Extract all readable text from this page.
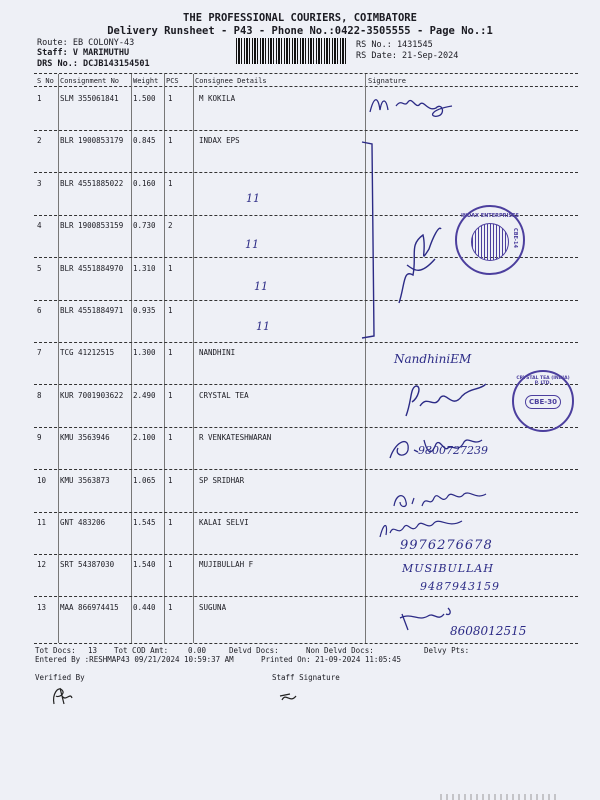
THE PROFESSIONAL COURIERS, COIMBATORE
Delivery Runsheet - P43 - Phone No.:0422-3505555 - Page No.:1
Route: EB COLONY-43
Staff: V MARIMUTHU
DRS No.: DCJB143154501
RS No.: 1431545
RS Date: 21-Sep-2024
S No Consignment No Weight PCS Consignee Details	Signature
1 SLM 355061841 1.500 1	M KOKILA
2 BLR 1900853179 0.845 1	INDAX EPS
3 BLR 4551885022 0.160 1
4 BLR 1900853159 0.730 2
5 BLR 4551884970 1.310 1
6 BLR 4551884971 0.935 1
7 TCG 41212515	1.300 1	NANDHINI
8 KUR 7001903622 2.490 1	CRYSTAL TEA
9 KMU 3563946	2.100 1	R VENKATESHWARAN
10 KMU 3563873	1.065 1	SP SRIDHAR
11 GNT 483206	1.545 1	KALAI SELVI
12 SRT 54387030	1.540 1	MUJIBULLAH F
13 MAA 866974415 0.440 1	SUGUNA
11
11
11
11
NandhiniEM
9800727239
9976276678
MUSIBULLAH
9487943159
8608012515
INDAX ENTERPRISES
CBE-14
CRYSTAL TEA (INDIA) P. LTD.
CBE-30
Tot Docs: 13 Tot COD Amt:	0.00	Delvd Docs:	Non Delvd Docs:	Delvy Pts:
Entered By :RESHMAP43 09/21/2024 10:59:37 AM	Printed On: 21-09-2024 11:05:45
Verified By	Staff Signature
